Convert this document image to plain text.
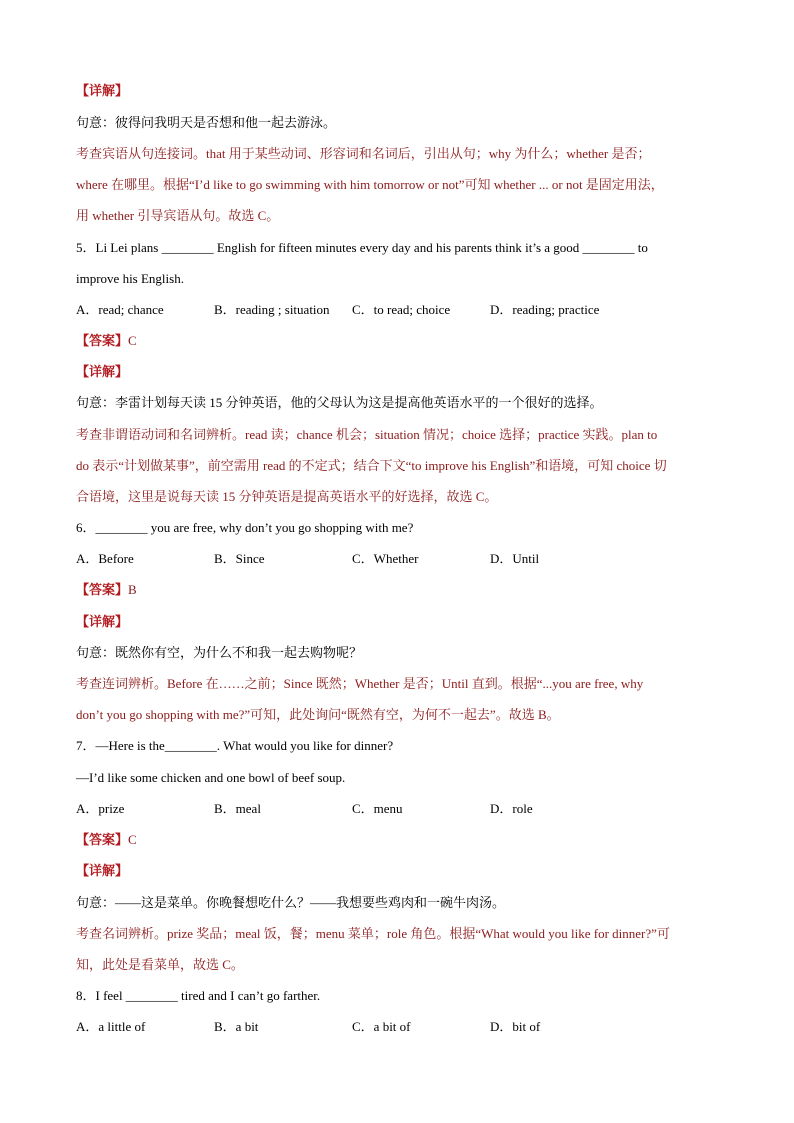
【详解】
句意：彼得问我明天是否想和他一起去游泳。
考查宾语从句连接词。that 用于某些动词、形容词和名词后，引出从句；why 为什么；whether 是否；
where 在哪里。根据“I’d like to go swimming with him tomorrow or not”可知 whether ... or not 是固定用法，
用 whether 引导宾语从句。故选 C。
5．Li Lei plans ________ English for fifteen minutes every day and his parents think it’s a good ________ to
improve his English.
A．read; chance	B．reading ; situation C．to read; choice	D．reading; practice
【答案】C
【详解】
句意：李雷计划每天读 15 分钟英语，他的父母认为这是提高他英语水平的一个很好的选择。
考查非谓语动词和名词辨析。read 读；chance 机会；situation 情况；choice 选择；practice 实践。plan to
do 表示“计划做某事”，前空需用 read 的不定式；结合下文“to improve his English”和语境，可知 choice 切
合语境，这里是说每天读 15 分钟英语是提高英语水平的好选择，故选 C。
6．________ you are free, why don’t you go shopping with me?
A．Before	B．Since	C．Whether	D．Until
【答案】B
【详解】
句意：既然你有空，为什么不和我一起去购物呢？
考查连词辨析。Before 在……之前；Since 既然；Whether 是否；Until 直到。根据“...you are free, why
don’t you go shopping with me?”可知，此处询问“既然有空，为何不一起去”。故选 B。
7．—Here is the________. What would you like for dinner?
—I’d like some chicken and one bowl of beef soup.
A．prize	B．meal	C．menu	D．role
【答案】C
【详解】
句意：——这是菜单。你晚餐想吃什么？——我想要些鸡肉和一碗牛肉汤。
考查名词辨析。prize 奖品；meal 饭，餐；menu 菜单；role 角色。根据“What would you like for dinner?”可
知，此处是看菜单，故选 C。
8．I feel ________ tired and I can’t go farther.
A．a little of	B．a bit	C．a bit of	D．bit of
